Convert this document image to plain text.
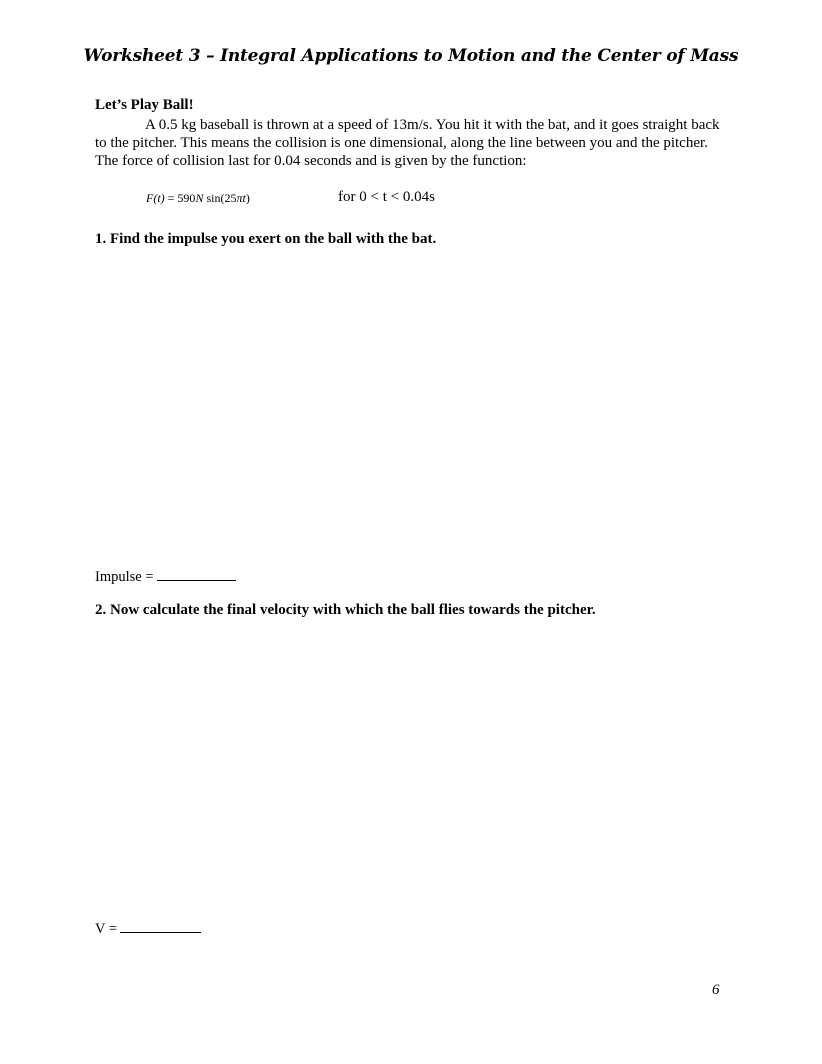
Worksheet 3 – Integral Applications to Motion and the Center of Mass
Let’s Play Ball!

A 0.5 kg baseball is thrown at a speed of 13m/s. You hit it with the bat, and it goes straight back to the pitcher. This means the collision is one dimensional, along the line between you and the pitcher. The force of collision last for 0.04 seconds and is given by the function:

F(t) = 590N sin(25πt)	for 0 < t < 0.04s
1. Find the impulse you exert on the ball with the bat.
Impulse =
2. Now calculate the final velocity with which the ball flies towards the pitcher.
V =
6
